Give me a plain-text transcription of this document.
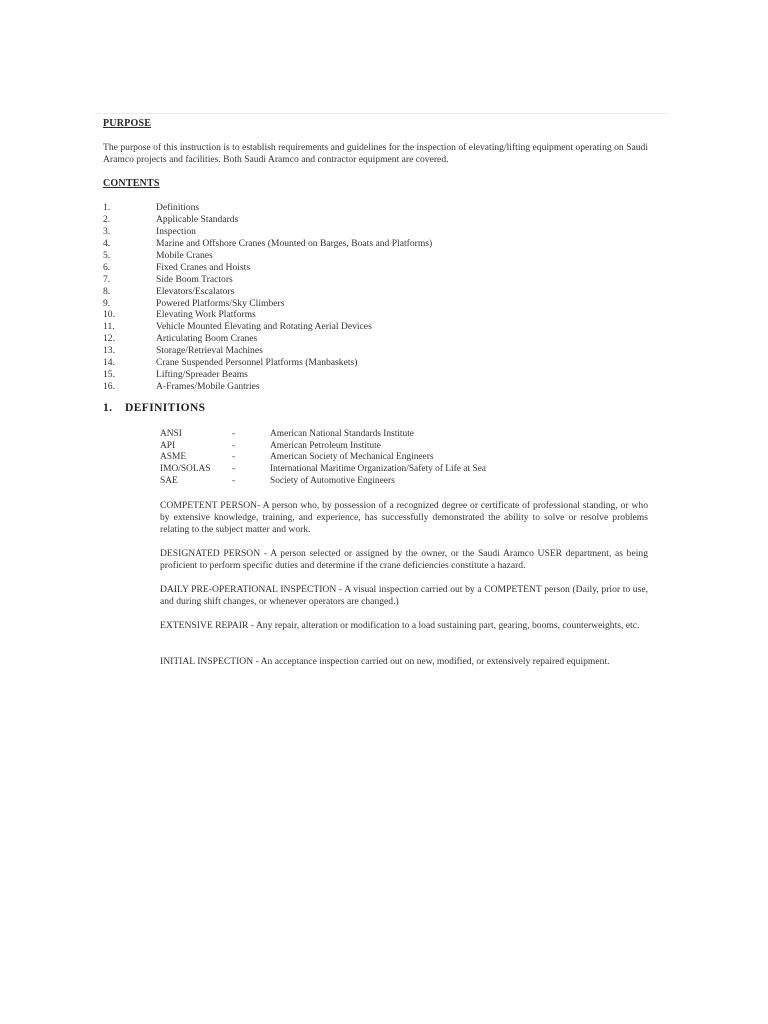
PURPOSE
The purpose of this instruction is to establish requirements and guidelines for the inspection of elevating/lifting equipment operating on Saudi Aramco projects and facilities. Both Saudi Aramco and contractor equipment are covered.
CONTENTS
1.	Definitions
2.	Applicable Standards
3.	Inspection
4.	Marine and Offshore Cranes (Mounted on Barges, Boats and Platforms)
5.	Mobile Cranes
6.	Fixed Cranes and Hoists
7.	Side Boom Tractors
8.	Elevators/Escalators
9.	Powered Platforms/Sky Climbers
10.	Elevating Work Platforms
11.	Vehicle Mounted Elevating and Rotating Aerial Devices
12.	Articulating Boom Cranes
13.	Storage/Retrieval Machines
14.	Crane Suspended Personnel Platforms (Manbaskets)
15.	Lifting/Spreader Beams
16.	A-Frames/Mobile Gantries
1. DEFINITIONS
ANSI	-	American National Standards Institute
API	-	American Petroleum Institute
ASME	-	American Society of Mechanical Engineers
IMO/SOLAS	-	International Maritime Organization/Safety of Life at Sea
SAE	-	Society of Automotive Engineers
COMPETENT PERSON- A person who, by possession of a recognized degree or certificate of professional standing, or who by extensive knowledge, training, and experience, has successfully demonstrated the ability to solve or resolve problems relating to the subject matter and work.
DESIGNATED PERSON - A person selected or assigned by the owner, or the Saudi Aramco USER department, as being proficient to perform specific duties and determine if the crane deficiencies constitute a hazard.
DAILY PRE-OPERATIONAL INSPECTION - A visual inspection carried out by a COMPETENT person (Daily, prior to use, and during shift changes, or whenever operators are changed.)
EXTENSIVE REPAIR - Any repair, alteration or modification to a load sustaining part, gearing, booms, counterweights, etc.
INITIAL INSPECTION - An acceptance inspection carried out on new, modified, or extensively repaired equipment.
